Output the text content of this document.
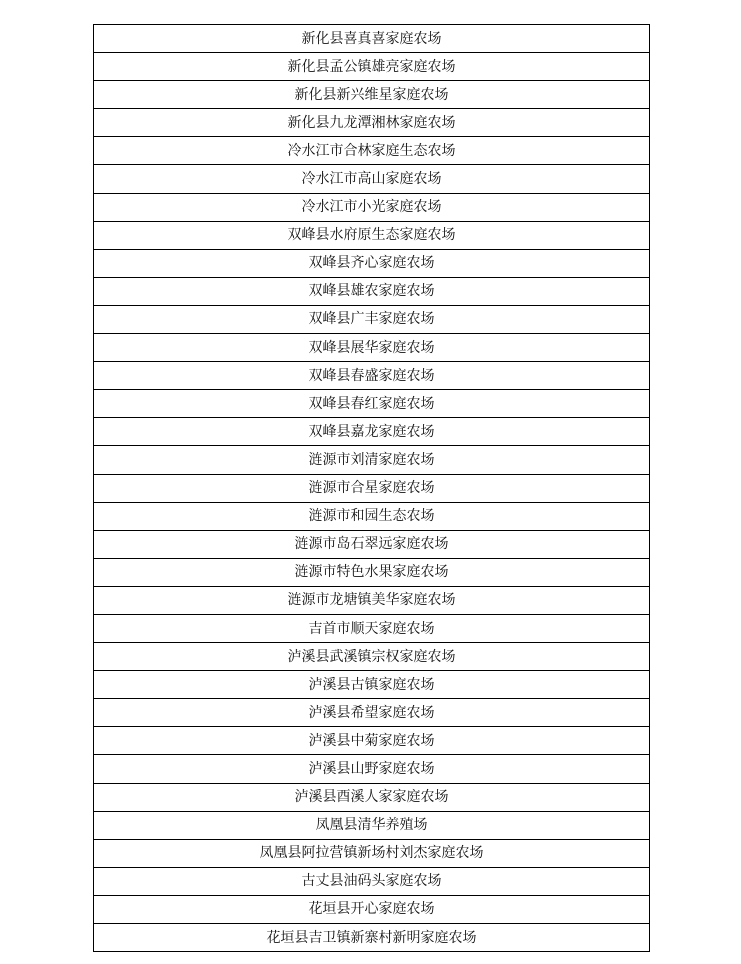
新化县喜真喜家庭农场
新化县孟公镇雄亮家庭农场
新化县新兴维星家庭农场
新化县九龙潭湘林家庭农场
冷水江市合林家庭生态农场
冷水江市高山家庭农场
冷水江市小光家庭农场
双峰县水府原生态家庭农场
双峰县齐心家庭农场
双峰县雄农家庭农场
双峰县广丰家庭农场
双峰县展华家庭农场
双峰县春盛家庭农场
双峰县春红家庭农场
双峰县嘉龙家庭农场
涟源市刘清家庭农场
涟源市合星家庭农场
涟源市和园生态农场
涟源市岛石翠远家庭农场
涟源市特色水果家庭农场
涟源市龙塘镇美华家庭农场
吉首市顺天家庭农场
泸溪县武溪镇宗权家庭农场
泸溪县古镇家庭农场
泸溪县希望家庭农场
泸溪县中菊家庭农场
泸溪县山野家庭农场
泸溪县酉溪人家家庭农场
凤凰县清华养殖场
凤凰县阿拉营镇新场村刘杰家庭农场
古丈县油码头家庭农场
花垣县开心家庭农场
花垣县吉卫镇新寨村新明家庭农场
